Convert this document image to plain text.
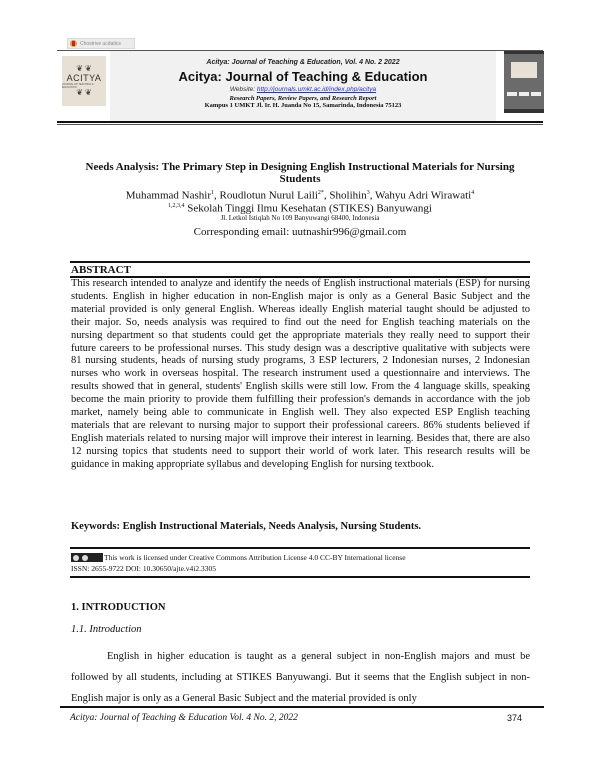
Chostrive ucdatics
❦ ❦
ACITYA
JOURNAL OF TEACHING & EDUCATION
❦ ❦
Acitya: Journal of Teaching & Education, Vol. 4 No. 2 2022
Acitya: Journal of Teaching & Education
Website: http://journals.umkt.ac.id/index.php/acitya
Research Papers, Review Papers, and Research Report
Kampus 1 UMKT Jl. Ir. H. Juanda No 15, Samarinda, Indonesia 75123
Needs Analysis: The Primary Step in Designing English Instructional Materials for Nursing Students
Muhammad Nashir$^1$, Roudlotun Nurul Laili$^{2*}$, Sholihin$^3$, Wahyu Adri Wirawati$^4$
$^{1,2,3,4}$ Sekolah Tinggi Ilmu Kesehatan (STIKES) Banyuwangi
Jl. Letkol Istiqlah No 109 Banyuwangi 68400, Indonesia
Corresponding email: uutnashir996@gmail.com
ABSTRACT
This research intended to analyze and identify the needs of English instructional materials (ESP) for nursing students. English in higher education in non-English major is only as a General Basic Subject and the material provided is only general English. Whereas ideally English material taught should be adjusted to their major. So, needs analysis was required to find out the need for English teaching materials on the nursing department so that students could get the appropriate materials they really need to support their future careers to be professional nurses. This study design was a descriptive qualitative with subjects were 81 nursing students, heads of nursing study programs, 3 ESP lecturers, 2 Indonesian nurses, 2 Indonesian nurses who work in overseas hospital. The research instrument used a questionnaire and interviews. The results showed that in general, students' English skills were still low. From the 4 language skills, speaking become the main priority to provide them fulfilling their profession's demands in accordance with the job market, namely being able to communicate in English well. They also expected ESP English teaching materials that are relevant to nursing major to support their professional careers. 86% students believed if English materials related to nursing major will improve their interest in learning. Besides that, there are also 12 nursing topics that students need to support their world of work later. This research results will be guidance in making appropriate syllabus and developing English for nursing textbook.
Keywords: English Instructional Materials, Needs Analysis, Nursing Students.
This work is licensed under Creative Commons Attribution License 4.0 CC-BY International license
ISSN: 2655-9722 DOI: 10.30650/ajte.v4i2.3305
1. INTRODUCTION
1.1. Introduction

English in higher education is taught as a general subject in non-English majors and must be followed by all students, including at STIKES Banyuwangi. But it seems that the English subject in non-English major is only as a General Basic Subject and the material provided is only

Acitya: Journal of Teaching & Education Vol. 4 No. 2, 2022	374
